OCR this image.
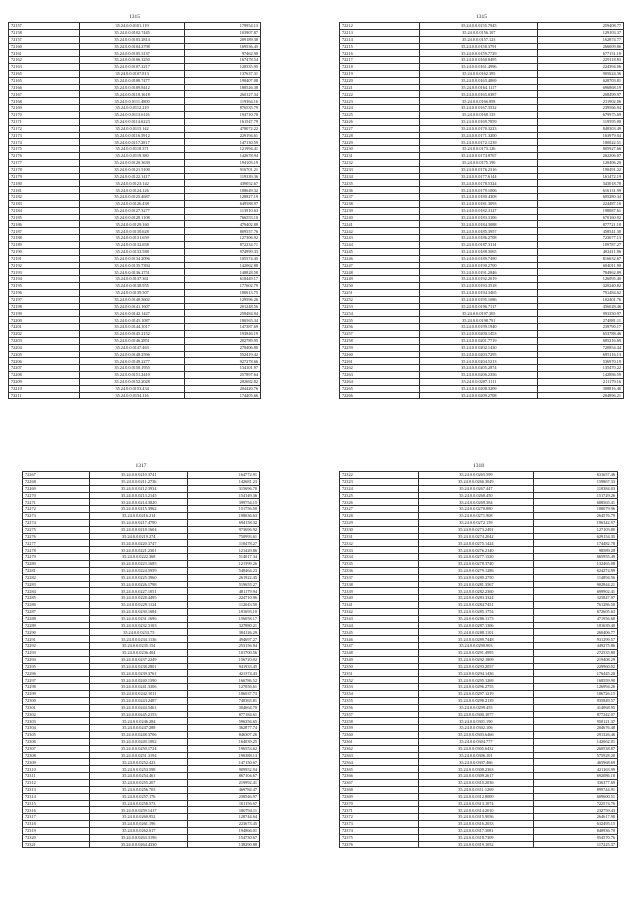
1315
72157	35.24.0.0.0101.119	179954.13
72158	35.24.0.0.0102.7445	103907.87
72157	35.24.0.0.0103.2814	209189.38
72160	35.24.0.0.0104.2798	169536.45
72161	35.24.0.0.0105.3137	97462.90
72162	35.24.0.0.0106.3250	167478.54
72163	35.24.0.0.0107.2217	128335.95
72165	35.24.0.0.0107.813	137637.31
72165	35.24.0.0.0108.7477	198407.08
72166	35.24.0.0.0109.8412	188526.38
72167	35.24.0.0.0110.1618	260127.34
72168	35.24.0.0.0111.4800	119364.16
72169	35.24.0.0.0112.219	876535.79
72170	35.24.0.0.0113.6116	194710.78
72171	35.24.0.0.0114.6223	161547.79
72172	35.24.0.0.0115.142	478072.22
72173	35.24.0.0.0116.5912	229194.61
72174	35.24.0.0.0117.2817	147130.59
72175	35.24.0.0.0118.371	121994.41
72176	35.24.0.0.0119.380	142678.94
72177	35.24.0.0.0120.3639	194103.19
72178	35.24.0.0.0121.5100	916701.21
72179	35.24.0.0.0122.1417	119339.36
72180	35.24.0.0.0123.142	439052.67
72181	35.24.0.0.0124.126	188649.32
72182	35.24.0.0.0125.4687	128827.19
72183	35.24.0.0.0126.438	649588.97
72184	35.24.0.0.0127.3277	113910.63
72185	35.24.0.0.0128.1108	766553.10
72186	35.24.0.0.0129.160	479402.88
72187	35.24.0.0.0130.628	809557.76
72188	35.24.0.0.0131.659	127306.92
72189	35.24.0.0.0132.658	872234.71
72190	35.24.0.0.0133.588	974999.33
72191	35.24.0.0.0134.2096	105574.45
72192	35.24.0.0.0135.7394	142062.88
72193	35.24.0.0.0136.2751	148828.58
72194	35.24.0.0.0137.361	618449.17
72195	35.24.0.0.0138.955	177602.79
72196	35.24.0.0.0139.507	180613.75
72197	35.24.0.0.0140.3602	129596.26
72198	35.24.0.0.0141.1607	201248.56
72199	35.24.0.0.0142.1427	258484.94
72200	35.24.0.0.0143.1087	186565.34
72201	35.24.0.0.0144.1017	147387.69
72202	35.24.0.0.0145.2152	193846.19
72203	35.24.0.0.0146.2851	202789.95
72204	35.24.0.0.0147.463	278406.80
72205	35.24.0.0.0148.2596	552419.42
72206	35.24.0.0.0149.2277	927278.66
72207	35.24.0.0.0150.1955	134101.97
72208	35.24.0.0.0151.2410	257897.64
72209	35.24.0.0.0152.2028	202682.82
72210	35.24.0.0.0153.434	204420.76
72211	35.24.0.0.0154.116	174405.66
1315
72212	35.24.0.0.0155.7945	259408.77
72213	35.24.0.0.0156.107	129103.37
72214	35.24.0.0.0157.123	162874.77
72215	35.24.0.0.0158.3791	266009.86
72216	35.24.0.0.0159.7729	677151.10
72217	35.24.0.0.0160.8495	229118.83
72218	35.24.0.0.0161.4996	224394.06
72219	35.24.0.0.0162.395	905624.36
72220	35.24.0.0.0163.4869	628703.81
72221	35.24.0.0.0164.1117	696868.19
72222	35.24.0.0.0165.0387	208499.97
72223	35.24.0.0.0166.858	211902.06
72224	35.24.0.0.0167.3532	239566.94
72225	35.24.0.0.0168.135	679975.69
72226	35.24.0.0.0169.7859	119595.00
72227	35.24.0.0.0170.3223	848303.49
72228	35.24.0.0.0171.3200	163979.04
72229	35.24.0.0.0172.1239	180022.51
72230	35.24.0.0.0173.126	805927.66
72231	35.24.0.0.0174.8767	262206.07
72232	35.24.0.0.0175.190	128406.20
72233	35.24.0.0.0176.2316	190491.22
72234	35.24.0.0.0177.6144	161472.19
72235	35.24.0.0.0178.5324	343018.78
72236	35.24.0.0.0179.1006	616131.99
72237	35.24.0.0.0180.4308	605280.34
72238	35.24.0.0.0181.3093	224487.16
72239	35.24.0.0.0182.3127	198087.61
72240	35.24.0.0.0183.3106	670160.92
72241	35.24.0.0.0184.3088	877721.10
72242	35.24.0.0.0185.3957	458541.30
72243	35.24.0.0.0186.2708	723077.13
72244	35.24.0.0.0187.3114	109787.27
72245	35.24.0.0.0188.3065	402411.96
72246	35.24.0.0.0189.7490	816632.67
72247	35.24.0.0.0190.2700	604011.90
72248	35.24.0.0.0191.2846	784962.89
72249	35.24.0.0.0192.2019	126095.40
72250	35.24.0.0.0193.3518	320240.82
72251	35.24.0.0.0194.3465	791484.62
72252	35.24.0.0.0195.1086	102401.76
72253	35.24.0.0.0196.7117	456028.46
72254	35.24.0.0.0197.305	993350.97
72255	35.24.0.0.0198.791	274881.11
72256	35.24.0.0.0199.1940	239790.17
72257	35.24.0.0.0200.1453	653788.46
72258	35.24.0.0.0201.7719	685216.69
72259	35.24.0.0.0202.1430	720854.44
72260	35.24.0.0.0203.7295	695116.13
72261	35.24.0.0.0204.5213	536970.10
72262	35.24.0.0.0205.2874	135470.22
72263	35.24.0.0.0206.2356	142886.59
72264	35.24.0.0.0207.1111	211179.16
72265	35.24.0.0.0208.3209	308816.40
72266	35.24.0.0.0209.2708	204896.21
1317
72267	35.24.0.0.0210.3741	164772.91
72268	35.24.0.0.0211.2736	142681.23
72269	35.24.0.0.0212.3934	315696.70
72270	35.24.0.0.0213.2145	154149.36
72271	35.24.0.0.0214.3820	399754.15
72272	35.24.0.0.0215.3962	151756.50
72273	35.24.0.0.0216.214	198636.63
72274	35.24.0.0.0217.4790	694158.32
72275	35.24.0.0.0218.1604	973696.92
72276	35.24.0.0.0219.274	750993.61
72277	35.24.0.0.0220.3747	110478.27
72278	35.24.0.0.0221.2301	121429.86
72279	35.24.0.0.0222.368	514017.34
72280	35.24.0.0.0223.1685	121599.26
72281	35.24.0.0.0224.5959	548464.23
72282	35.24.0.0.0225.3960	261922.45
72283	35.24.0.0.0226.1798	519655.27
72284	35.24.0.0.0227.1051	481179.94
72285	35.24.0.0.0228.4495	224710.96
72286	35.24.0.0.0229.1124	112043.58
72287	35.24.0.0.0230.1684	181693.10
72288	35.24.0.0.0231.1696	156058.17
72289	35.24.0.0.0232.3103	327880.21
72290	35.24.0.0.0233.75	384126.29
72291	35.24.0.0.0234.1136	494697.27
72292	35.24.0.0.0235.154	253156.94
72293	35.24.0.0.0236.404	101700.56
72294	35.24.0.0.0237.2249	156720.02
72295	35.24.0.0.0238.2801	941933.45
72296	35.24.0.0.0239.3761	421374.43
72297	35.24.0.0.0240.1390	166786.52
72298	35.24.0.0.0241.3306	127056.61
72299	35.24.0.0.0242.1011	186037.73
72300	35.24.0.0.0243.2487	740365.81
72301	35.24.0.0.0244.5461	304664.79
72302	35.24.0.0.0245.2153	877184.61
72303	35.24.0.0.0246.284	596356.65
72304	35.24.0.0.0247.288	362877.74
72305	35.24.0.0.0248.3706	846307.26
72306	35.24.0.0.0249.1002	164039.25
72307	35.24.0.0.0250.1724	196553.62
72308	35.24.0.0.0251.3194	190388.13
72309	35.24.0.0.0252.423	147150.67
72310	35.24.0.0.0253.598	909952.94
72311	35.24.0.0.0254.461	867104.67
72312	35.24.0.0.0255.207	219992.41
72313	35.24.0.0.0256.703	469784.47
72314	35.24.0.0.0257.176	238546.97
72315	35.24.0.0.0258.573	101156.67
72316	35.24.0.0.0259.1417	180794.11
72317	35.24.0.0.0260.952	128744.64
72318	35.24.0.0.0261.196	223673.45
72319	35.24.0.0.0262.617	194866.01
72320	35.24.0.0.0263.3196	154730.67
72321	35.24.0.0.0264.4330	138290.88
1318
72322	35.24.0.0.0265.599	631657.46
72323	35.24.0.0.0266.3049	159867.33
72324	35.24.0.0.0267.447	118384.03
72325	35.24.0.0.0268.450	151729.26
72326	35.24.0.0.0269.384	688565.41
72327	35.24.0.0.0270.880	188079.96
72328	35.24.0.0.0271.908	264576.79
72329	35.24.0.0.0272.159	196342.97
72330	35.24.0.0.0273.2491	127103.80
72331	35.24.0.0.0274.2042	629154.35
72332	35.24.0.0.0275.1424	174482.78
72333	35.24.0.0.0276.2140	98589.28
72334	35.24.0.0.0277.1520	665955.49
72335	35.24.0.0.0278.3740	132465.08
72336	35.24.0.0.0279.1286	624274.99
72337	35.24.0.0.0280.2750	114894.56
72338	35.24.0.0.0281.3567	902844.21
72339	35.24.0.0.0282.2360	699902.41
72340	35.24.0.0.0283.3324	325847.97
72341	35.24.0.0.0284.7451	761286.50
72342	35.24.0.0.0285.1754	672605.63
72343	35.24.0.0.0286.1173	471956.60
72344	35.24.0.0.0287.1306	181639.40
72345	35.24.0.0.0288.1101	260406.77
72346	35.24.0.0.0289.7448	931299.57
72347	35.24.0.0.0290.903	449275.86
72348	35.24.0.0.0291.4995	272535.80
72349	35.24.0.0.0292.1809	219408.29
72350	35.24.0.0.0293.2057	229960.02
72351	35.24.0.0.0294.1436	176445.20
72352	35.24.0.0.0295.1269	168559.90
72353	35.24.0.0.0296.2755	126994.26
72354	35.24.0.0.0297.1219	186726.15
72355	35.24.0.0.0298.2139	935849.57
72356	35.24.0.0.0299.455	414068.95
72357	35.24.0.0.0300.1077	877242.07
72358	35.24.0.0.0301.190	950121.37
72359	35.24.0.0.0302.106	204676.48
72360	35.24.0.0.0303.6466	291326.46
72361	35.24.0.0.0304.777	142062.01
72362	35.24.0.0.0305.6432	260538.87
72363	35.24.0.0.0306.101	575928.20
72364	35.24.0.0.0307.466	465968.69
72365	35.24.0.0.0308.2363	421163.99
72366	35.24.0.0.0309.2617	692086.10
72367	35.24.0.0.0310.2036	336377.69
72368	35.24.0.0.0311.1269	899744.91
72369	35.24.0.0.0312.8000	609600.51
72370	35.24.0.0.0313.1074	722574.76
72371	35.24.0.0.0314.2010	232759.43
72372	35.24.0.0.0315.9036	264617.90
72373	35.24.0.0.0316.2033	632495.15
72374	35.24.0.0.0317.3081	840936.70
72375	35.24.0.0.0318.7309	954570.76
72376	35.24.0.0.0319.1052	117225.37
